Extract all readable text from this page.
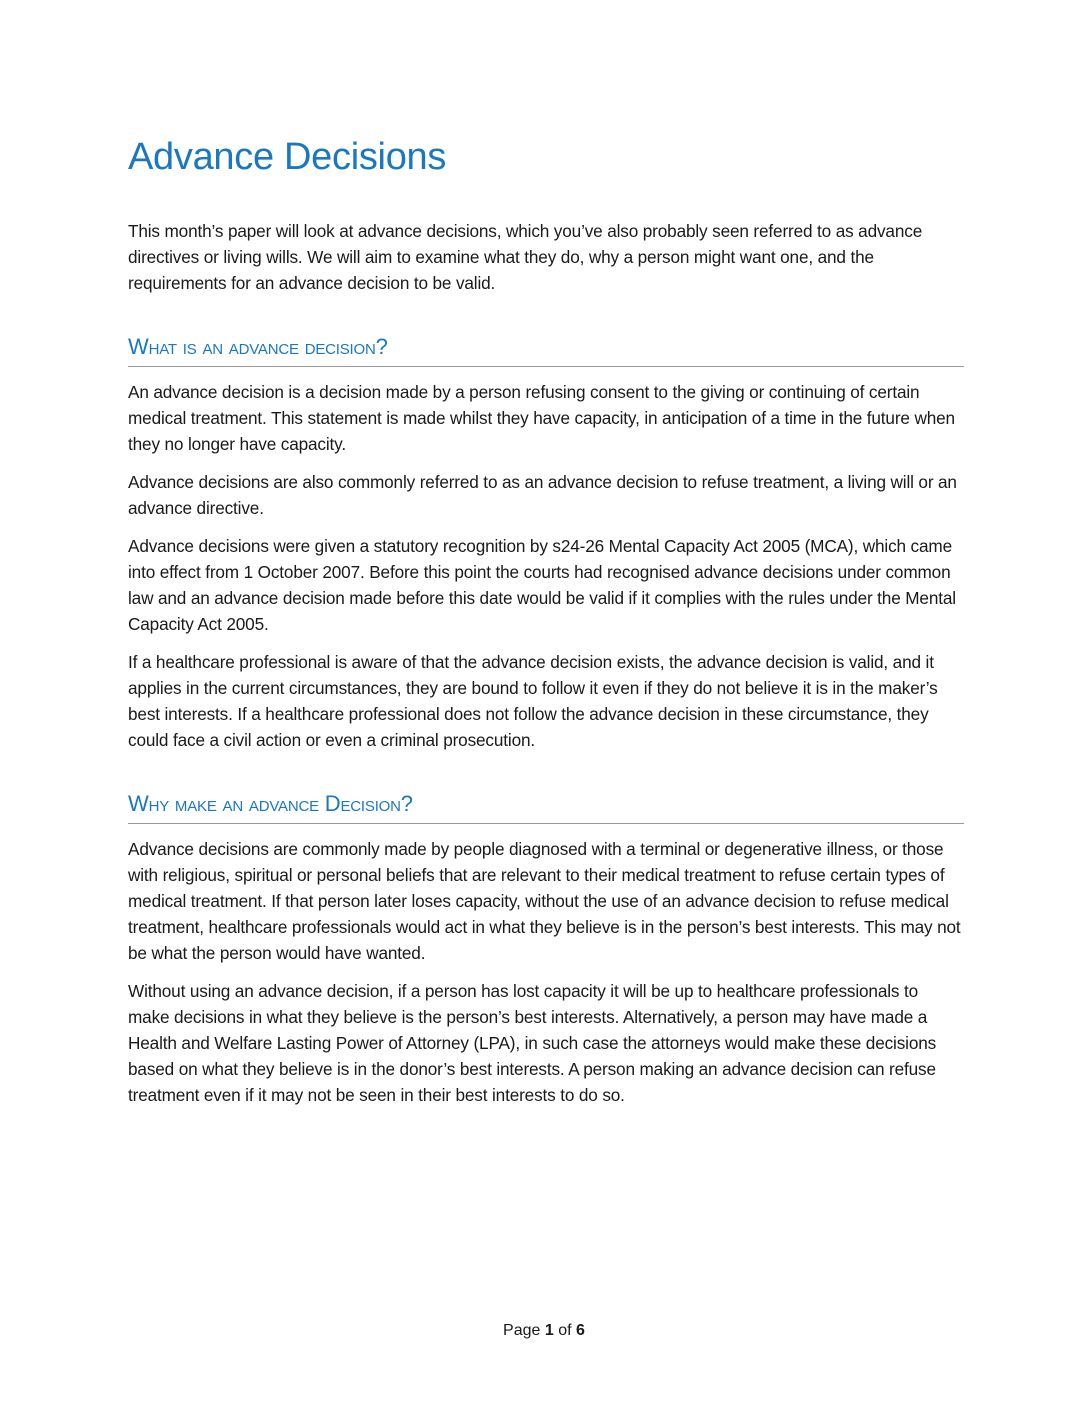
Advance Decisions

This month’s paper will look at advance decisions, which you’ve also probably seen referred to as advance directives or living wills. We will aim to examine what they do, why a person might want one, and the requirements for an advance decision to be valid.

What is an advance decision?

An advance decision is a decision made by a person refusing consent to the giving or continuing of certain medical treatment. This statement is made whilst they have capacity, in anticipation of a time in the future when they no longer have capacity.

Advance decisions are also commonly referred to as an advance decision to refuse treatment, a living will or an advance directive.

Advance decisions were given a statutory recognition by s24-26 Mental Capacity Act 2005 (MCA), which came into effect from 1 October 2007. Before this point the courts had recognised advance decisions under common law and an advance decision made before this date would be valid if it complies with the rules under the Mental Capacity Act 2005.

If a healthcare professional is aware of that the advance decision exists, the advance decision is valid, and it applies in the current circumstances, they are bound to follow it even if they do not believe it is in the maker’s best interests. If a healthcare professional does not follow the advance decision in these circumstance, they could face a civil action or even a criminal prosecution.

Why make an advance Decision?

Advance decisions are commonly made by people diagnosed with a terminal or degenerative illness, or those with religious, spiritual or personal beliefs that are relevant to their medical treatment to refuse certain types of medical treatment. If that person later loses capacity, without the use of an advance decision to refuse medical treatment, healthcare professionals would act in what they believe is in the person’s best interests. This may not be what the person would have wanted.

Without using an advance decision, if a person has lost capacity it will be up to healthcare professionals to make decisions in what they believe is the person’s best interests. Alternatively, a person may have made a Health and Welfare Lasting Power of Attorney (LPA), in such case the attorneys would make these decisions based on what they believe is in the donor’s best interests. A person making an advance decision can refuse treatment even if it may not be seen in their best interests to do so.

Page 1 of 6
